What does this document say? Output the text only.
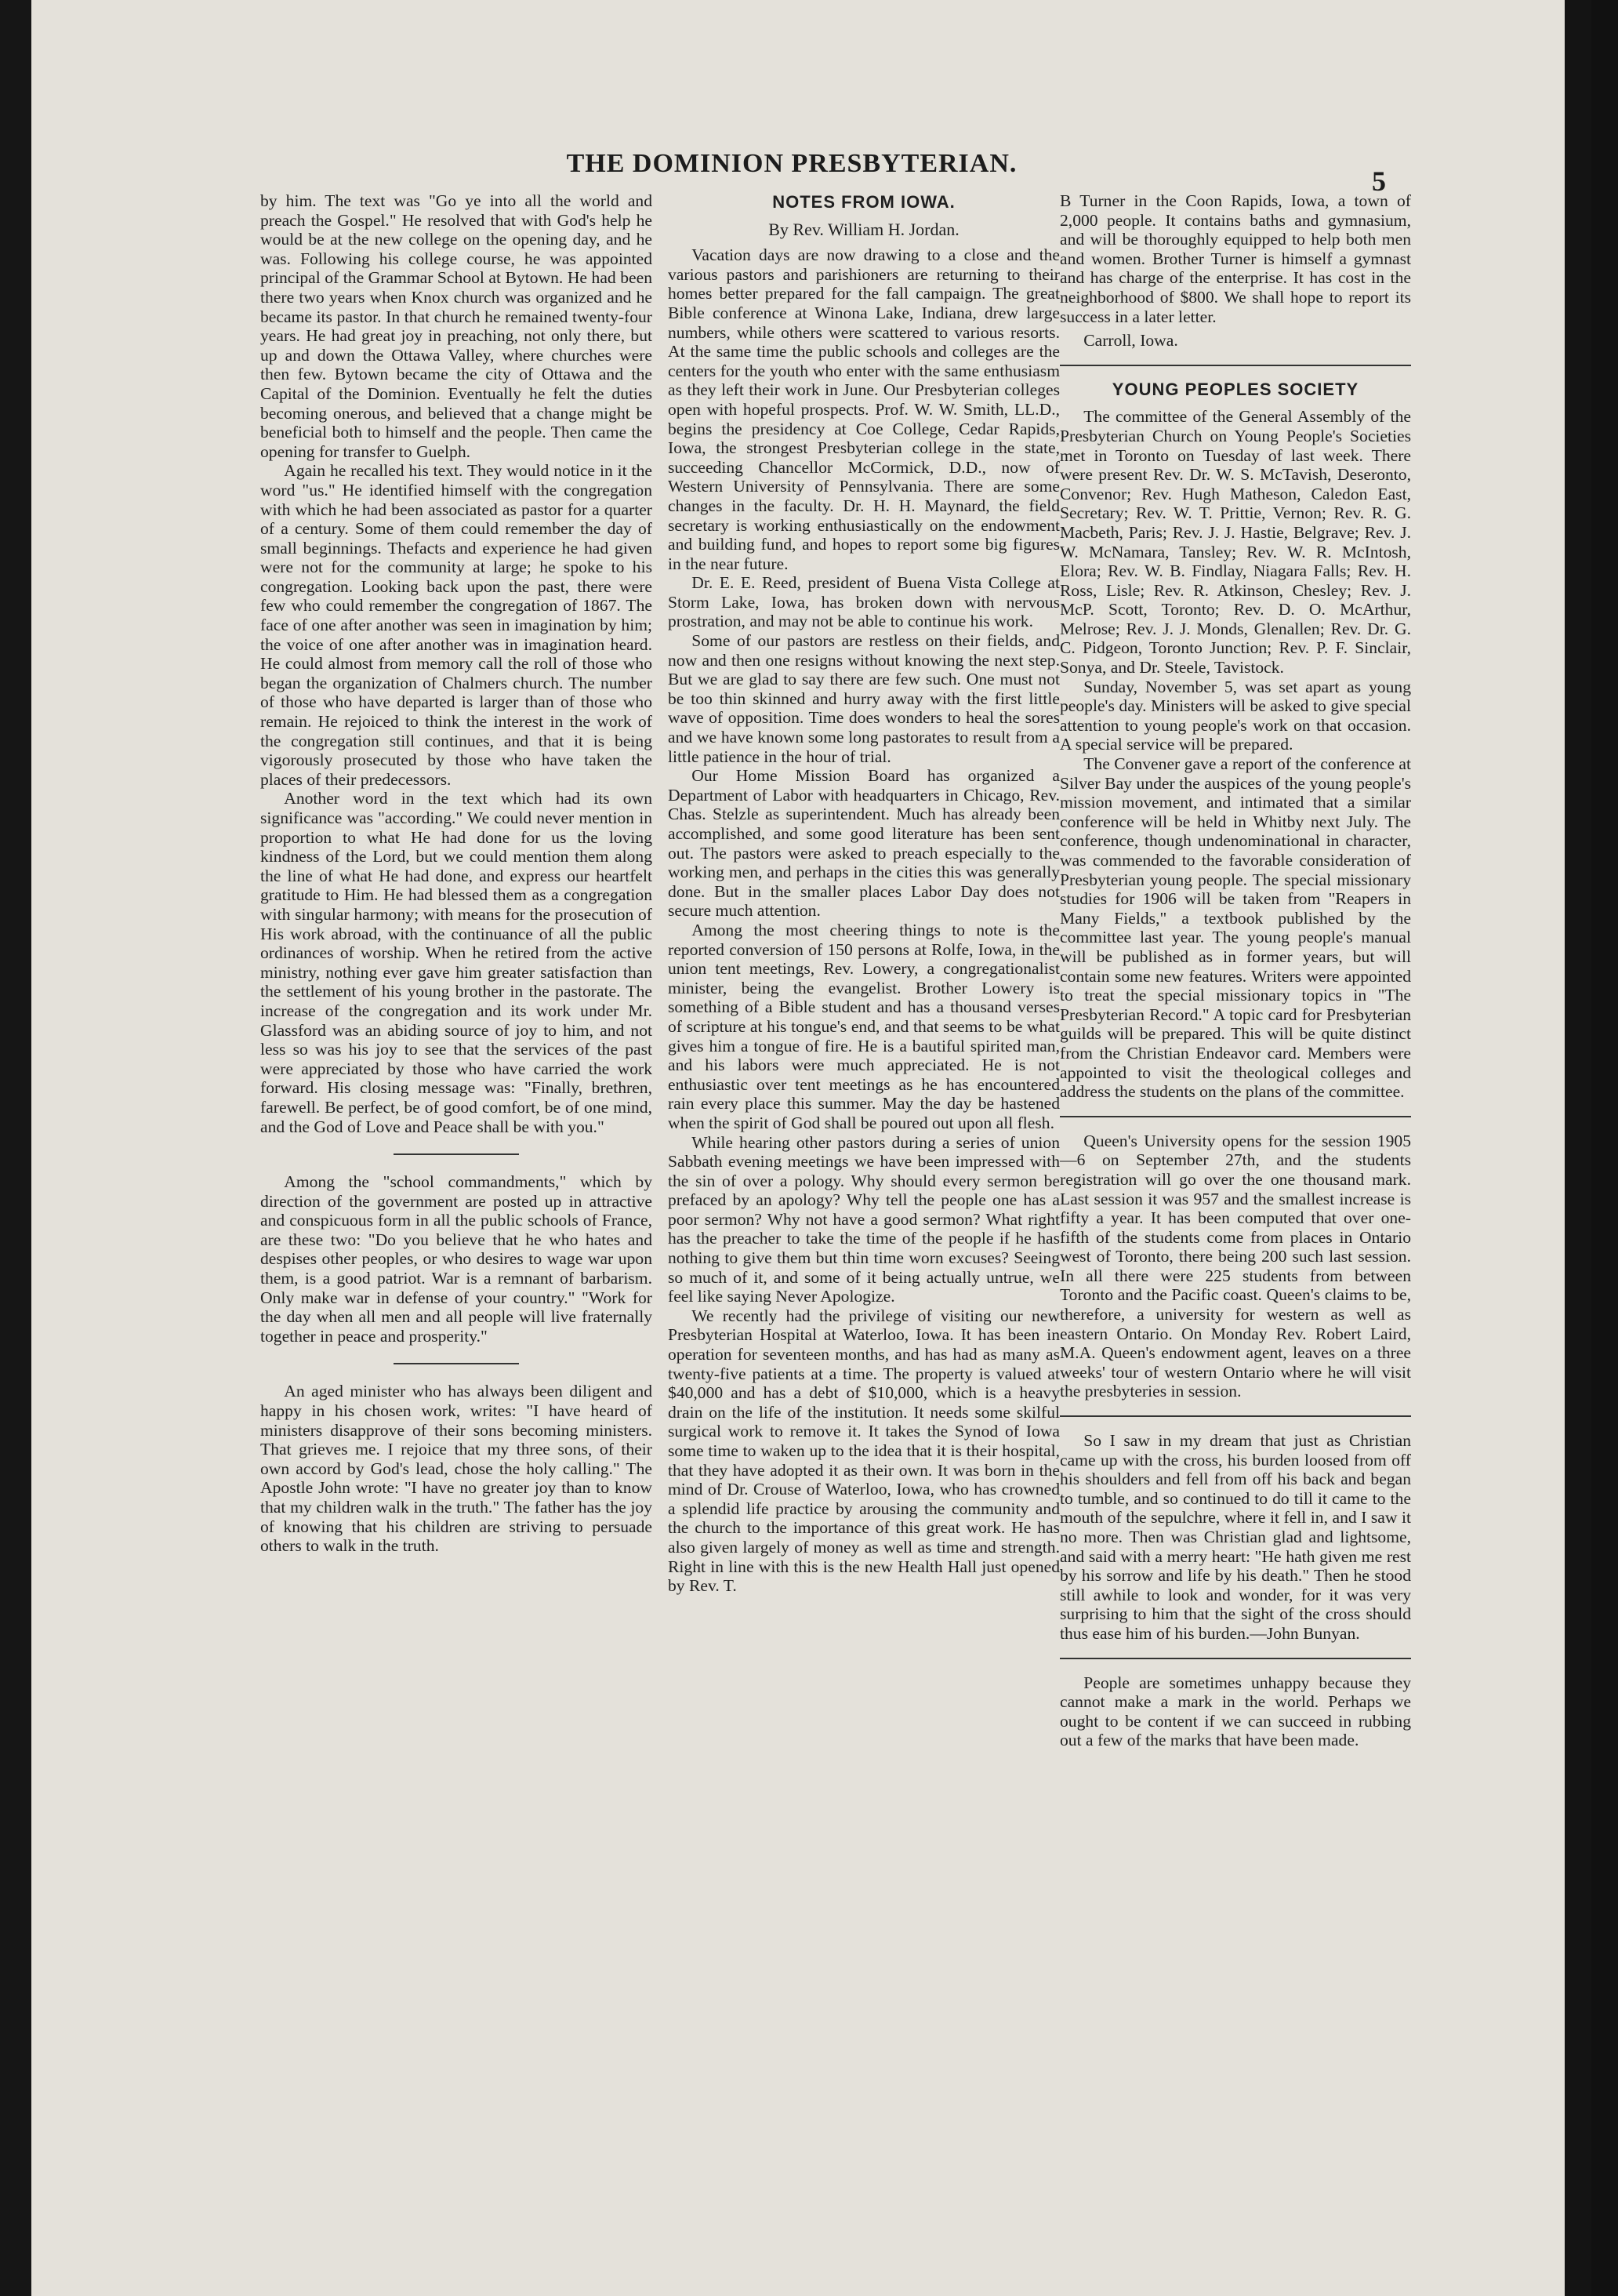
THE DOMINION PRESBYTERIAN.
5

by him. The text was "Go ye into all the world and preach the Gospel." He resolved that with God's help he would be at the new college on the opening day, and he was. Following his college course, he was appointed principal of the Grammar School at Bytown. He had been there two years when Knox church was organized and he became its pastor. In that church he remained twenty-four years. He had great joy in preaching, not only there, but up and down the Ottawa Valley, where churches were then few. Bytown became the city of Ottawa and the Capital of the Dominion. Eventually he felt the duties becoming onerous, and believed that a change might be beneficial both to himself and the people. Then came the opening for transfer to Guelph.

Again he recalled his text. They would notice in it the word "us." He identified himself with the congregation with which he had been associated as pastor for a quarter of a century. Some of them could remember the day of small beginnings. Thefacts and experience he had given were not for the community at large; he spoke to his congregation. Looking back upon the past, there were few who could remember the congregation of 1867. The face of one after another was seen in imagination by him; the voice of one after another was in imagination heard. He could almost from memory call the roll of those who began the organization of Chalmers church. The number of those who have departed is larger than of those who remain. He rejoiced to think the interest in the work of the congregation still continues, and that it is being vigorously prosecuted by those who have taken the places of their predecessors.

Another word in the text which had its own significance was "according." We could never mention in proportion to what He had done for us the loving kindness of the Lord, but we could mention them along the line of what He had done, and express our heartfelt gratitude to Him. He had blessed them as a congregation with singular harmony; with means for the prosecution of His work abroad, with the continuance of all the public ordinances of worship. When he retired from the active ministry, nothing ever gave him greater satisfaction than the settlement of his young brother in the pastorate. The increase of the congregation and its work under Mr. Glassford was an abiding source of joy to him, and not less so was his joy to see that the services of the past were appreciated by those who have carried the work forward. His closing message was: "Finally, brethren, farewell. Be perfect, be of good comfort, be of one mind, and the God of Love and Peace shall be with you."

Among the "school commandments," which by direction of the government are posted up in attractive and conspicuous form in all the public schools of France, are these two: "Do you believe that he who hates and despises other peoples, or who desires to wage war upon them, is a good patriot. War is a remnant of barbarism. Only make war in defense of your country." "Work for the day when all men and all people will live fraternally together in peace and prosperity."

An aged minister who has always been diligent and happy in his chosen work, writes: "I have heard of ministers disapprove of their sons becoming ministers. That grieves me. I rejoice that my three sons, of their own accord by God's lead, chose the holy calling." The Apostle John wrote: "I have no greater joy than to know that my children walk in the truth." The father has the joy of knowing that his children are striving to persuade others to walk in the truth.

NOTES FROM IOWA.
By Rev. William H. Jordan.

Vacation days are now drawing to a close and the various pastors and parishioners are returning to their homes better prepared for the fall campaign. The great Bible conference at Winona Lake, Indiana, drew large numbers, while others were scattered to various resorts. At the same time the public schools and colleges are the centers for the youth who enter with the same enthusiasm as they left their work in June. Our Presbyterian colleges open with hopeful prospects. Prof. W. W. Smith, LL.D., begins the presidency at Coe College, Cedar Rapids, Iowa, the strongest Presbyterian college in the state, succeeding Chancellor McCormick, D.D., now of Western University of Pennsylvania. There are some changes in the faculty. Dr. H. H. Maynard, the field secretary is working enthusiastically on the endowment and building fund, and hopes to report some big figures in the near future.

Dr. E. E. Reed, president of Buena Vista College at Storm Lake, Iowa, has broken down with nervous prostration, and may not be able to continue his work.

Some of our pastors are restless on their fields, and now and then one resigns without knowing the next step. But we are glad to say there are few such. One must not be too thin skinned and hurry away with the first little wave of opposition. Time does wonders to heal the sores and we have known some long pastorates to result from a little patience in the hour of trial.

Our Home Mission Board has organized a Department of Labor with headquarters in Chicago, Rev. Chas. Stelzle as superintendent. Much has already been accomplished, and some good literature has been sent out. The pastors were asked to preach especially to the working men, and perhaps in the cities this was generally done. But in the smaller places Labor Day does not secure much attention.

Among the most cheering things to note is the reported conversion of 150 persons at Rolfe, Iowa, in the union tent meetings, Rev. Lowery, a congregationalist minister, being the evangelist. Brother Lowery is something of a Bible student and has a thousand verses of scripture at his tongue's end, and that seems to be what gives him a tongue of fire. He is a bautiful spirited man, and his labors were much appreciated. He is not enthusiastic over tent meetings as he has encountered rain every place this summer. May the day be hastened when the spirit of God shall be poured out upon all flesh.

While hearing other pastors during a series of union Sabbath evening meetings we have been impressed with the sin of over a pology. Why should every sermon be prefaced by an apology? Why tell the people one has a poor sermon? Why not have a good sermon? What right has the preacher to take the time of the people if he has nothing to give them but thin time worn excuses? Seeing so much of it, and some of it being actually untrue, we feel like saying Never Apologize.

We recently had the privilege of visiting our new Presbyterian Hospital at Waterloo, Iowa. It has been in operation for seventeen months, and has had as many as twenty-five patients at a time. The property is valued at $40,000 and has a debt of $10,000, which is a heavy drain on the life of the institution. It needs some skilful surgical work to remove it. It takes the Synod of Iowa some time to waken up to the idea that it is their hospital, that they have adopted it as their own. It was born in the mind of Dr. Crouse of Waterloo, Iowa, who has crowned a splendid life practice by arousing the community and the church to the importance of this great work. He has also given largely of money as well as time and strength. Right in line with this is the new Health Hall just opened by Rev. T.

B Turner in the Coon Rapids, Iowa, a town of 2,000 people. It contains baths and gymnasium, and will be thoroughly equipped to help both men and women. Brother Turner is himself a gymnast and has charge of the enterprise. It has cost in the neighborhood of $800. We shall hope to report its success in a later letter.

Carroll, Iowa.
YOUNG PEOPLES SOCIETY

The committee of the General Assembly of the Presbyterian Church on Young People's Societies met in Toronto on Tuesday of last week. There were present Rev. Dr. W. S. McTavish, Deseronto, Convenor; Rev. Hugh Matheson, Caledon East, Secretary; Rev. W. T. Prittie, Vernon; Rev. R. G. Macbeth, Paris; Rev. J. J. Hastie, Belgrave; Rev. J. W. McNamara, Tansley; Rev. W. R. McIntosh, Elora; Rev. W. B. Findlay, Niagara Falls; Rev. H. Ross, Lisle; Rev. R. Atkinson, Chesley; Rev. J. McP. Scott, Toronto; Rev. D. O. McArthur, Melrose; Rev. J. J. Monds, Glenallen; Rev. Dr. G. C. Pidgeon, Toronto Junction; Rev. P. F. Sinclair, Sonya, and Dr. Steele, Tavistock.

Sunday, November 5, was set apart as young people's day. Ministers will be asked to give special attention to young people's work on that occasion. A special service will be prepared.

The Convener gave a report of the conference at Silver Bay under the auspices of the young people's mission movement, and intimated that a similar conference will be held in Whitby next July. The conference, though undenominational in character, was commended to the favorable consideration of Presbyterian young people. The special missionary studies for 1906 will be taken from "Reapers in Many Fields," a textbook published by the committee last year. The young people's manual will be published as in former years, but will contain some new features. Writers were appointed to treat the special missionary topics in "The Presbyterian Record." A topic card for Presbyterian guilds will be prepared. This will be quite distinct from the Christian Endeavor card. Members were appointed to visit the theological colleges and address the students on the plans of the committee.

Queen's University opens for the session 1905—6 on September 27th, and the students registration will go over the one thousand mark. Last session it was 957 and the smallest increase is fifty a year. It has been computed that over one-fifth of the students come from places in Ontario west of Toronto, there being 200 such last session. In all there were 225 students from between Toronto and the Pacific coast. Queen's claims to be, therefore, a university for western as well as eastern Ontario. On Monday Rev. Robert Laird, M.A. Queen's endowment agent, leaves on a three weeks' tour of western Ontario where he will visit the presbyteries in session.

So I saw in my dream that just as Christian came up with the cross, his burden loosed from off his shoulders and fell from off his back and began to tumble, and so continued to do till it came to the mouth of the sepulchre, where it fell in, and I saw it no more. Then was Christian glad and lightsome, and said with a merry heart: "He hath given me rest by his sorrow and life by his death." Then he stood still awhile to look and wonder, for it was very surprising to him that the sight of the cross should thus ease him of his burden.—John Bunyan.

People are sometimes unhappy because they cannot make a mark in the world. Perhaps we ought to be content if we can succeed in rubbing out a few of the marks that have been made.
